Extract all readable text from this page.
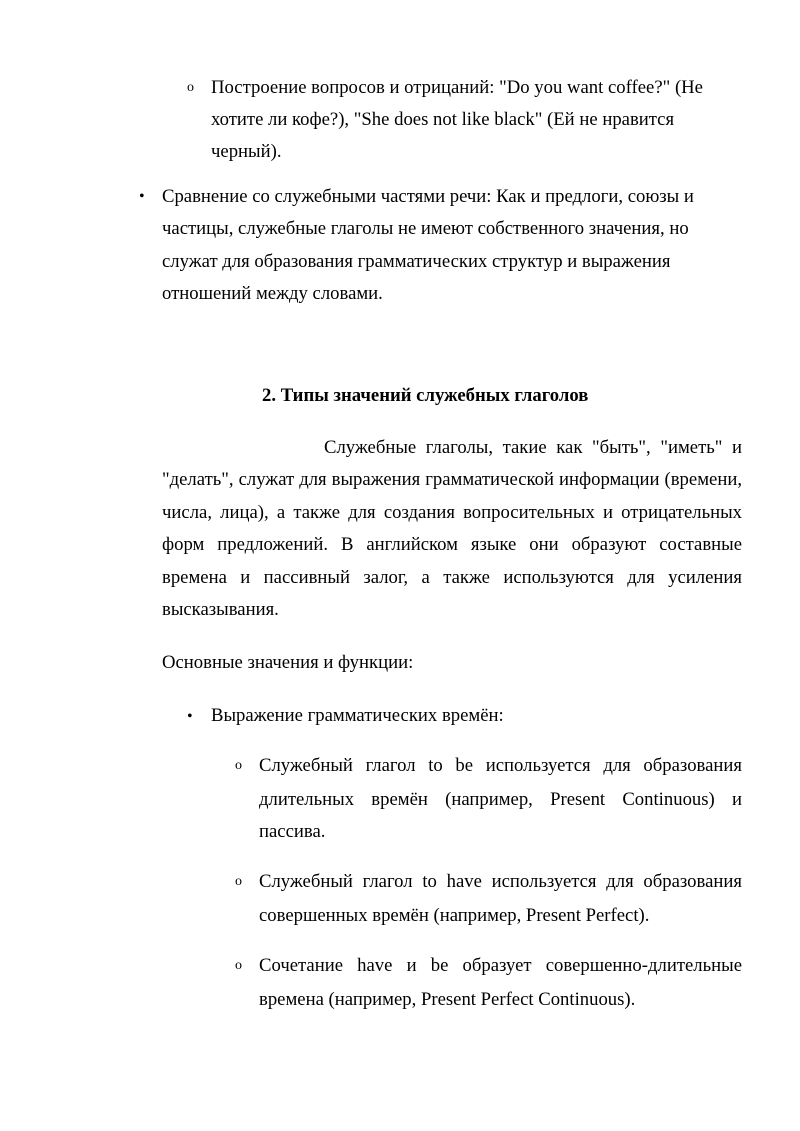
o Построение вопросов и отрицаний: "Do you want coffee?" (Не
хотите ли кофе?), "She does not like black" (Ей не нравится
черный).
• Сравнение со служебными частями речи: Как и предлоги, союзы и
частицы, служебные глаголы не имеют собственного значения, но
служат для образования грамматических структур и выражения
отношений между словами.
2. Типы значений служебных глаголов
Служебные глаголы, такие как "быть", "иметь" и
"делать", служат для выражения грамматической информации (времени,
числа, лица), а также для создания вопросительных и отрицательных
форм предложений. В английском языке они образуют составные
времена и пассивный залог, а также используются для усиления
высказывания.
Основные значения и функции:
• Выражение грамматических времён:
o Служебный глагол to be используется для образования
длительных времён (например, Present Continuous) и
пассива.
o Служебный глагол to have используется для образования
совершенных времён (например, Present Perfect).
o Сочетание have и be образует совершенно-длительные
времена (например, Present Perfect Continuous).
